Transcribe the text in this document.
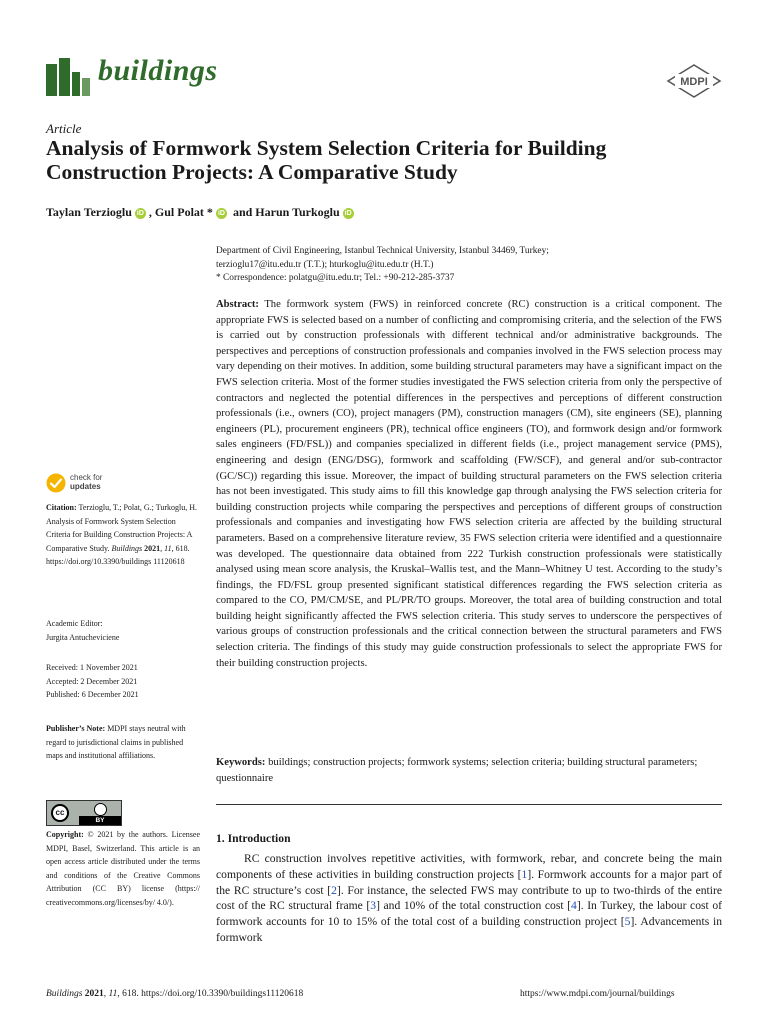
buildings	MDPI
Article
Analysis of Formwork System Selection Criteria for Building Construction Projects: A Comparative Study
Taylan Terzioglu iD , Gul Polat * iD and Harun Turkoglu iD
Department of Civil Engineering, Istanbul Technical University, Istanbul 34469, Turkey;
terzioglu17@itu.edu.tr (T.T.); hturkoglu@itu.edu.tr (H.T.)
* Correspondence: polatgu@itu.edu.tr; Tel.: +90-212-285-3737
Abstract: The formwork system (FWS) in reinforced concrete (RC) construction is a critical component. The appropriate FWS is selected based on a number of conflicting and compromising criteria, and the selection of the FWS is carried out by construction professionals with different technical and/or administrative backgrounds. The perspectives and perceptions of construction professionals and companies involved in the FWS selection process may vary depending on their motives. In addition, some building structural parameters may have a significant impact on the FWS selection criteria. Most of the former studies investigated the FWS selection criteria from only the perspective of contractors and neglected the potential differences in the perspectives and perceptions of different construction professionals (i.e., owners (CO), project managers (PM), construction managers (CM), site engineers (SE), planning engineers (PL), procurement engineers (PR), technical office engineers (TO), and formwork design and/or formwork sales engineers (FD/FSL)) and companies specialized in different fields (i.e., project management service (PMS), engineering and design (ENG/DSG), formwork and scaffolding (FW/SCF), and general and/or sub-contractor (GC/SC)) regarding this issue. Moreover, the impact of building structural parameters on the FWS selection criteria has not been investigated. This study aims to fill this knowledge gap through analysing the FWS selection criteria for building construction projects while comparing the perspectives and perceptions of different groups of construction professionals and companies and investigating how FWS selection criteria are affected by the building structural parameters. Based on a comprehensive literature review, 35 FWS selection criteria were identified and a questionnaire was developed. The questionnaire data obtained from 222 Turkish construction professionals were statistically analysed using mean score analysis, the Kruskal–Wallis test, and the Mann–Whitney U test. According to the study’s findings, the FD/FSL group presented significant statistical differences regarding the FWS selection criteria as compared to the CO, PM/CM/SE, and PL/PR/TO groups. Moreover, the total area of building construction and total building height significantly affected the FWS selection criteria. This study serves to underscore the perspectives of various groups of construction professionals and the critical connection between the structural parameters and FWS selection criteria. The findings of this study may guide construction professionals to select the appropriate FWS for their building construction projects.
Keywords: buildings; construction projects; formwork systems; selection criteria; building structural parameters; questionnaire
1. Introduction
RC construction involves repetitive activities, with formwork, rebar, and concrete being the main components of these activities in building construction projects [1]. Formwork accounts for a major part of the RC structure’s cost [2]. For instance, the selected FWS may contribute to up to two-thirds of the entire cost of the RC structural frame [3] and 10% of the total construction cost [4]. In Turkey, the labour cost of formwork accounts for 10 to 15% of the total cost of a building construction project [5]. Advancements in formwork
check for
updates
Citation: Terzioglu, T.; Polat, G.; Turkoglu, H. Analysis of Formwork System Selection Criteria for Building Construction Projects: A Comparative Study. Buildings 2021, 11, 618. https://doi.org/10.3390/buildings 11120618
Academic Editor:
Jurgita Antucheviciene
Received: 1 November 2021
Accepted: 2 December 2021
Published: 6 December 2021
Publisher’s Note: MDPI stays neutral with regard to jurisdictional claims in published maps and institutional affiliations.
cc
BY
Copyright: © 2021 by the authors. Licensee MDPI, Basel, Switzerland. This article is an open access article distributed under the terms and conditions of the Creative Commons Attribution (CC BY) license (https:// creativecommons.org/licenses/by/ 4.0/).
Buildings 2021, 11, 618. https://doi.org/10.3390/buildings11120618	https://www.mdpi.com/journal/buildings
